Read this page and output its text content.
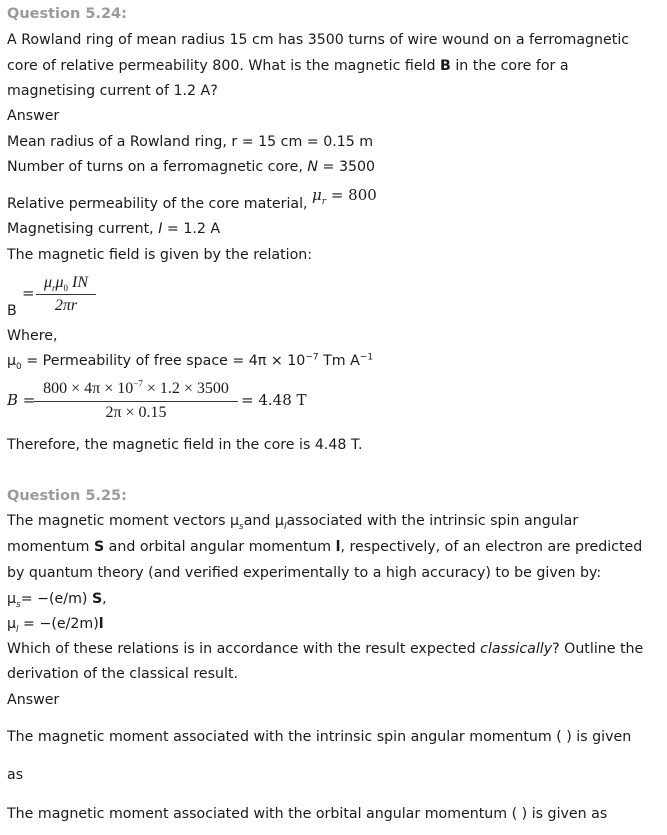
Question 5.24:
A Rowland ring of mean radius 15 cm has 3500 turns of wire wound on a ferromagnetic
core of relative permeability 800. What is the magnetic field B in the core for a
magnetising current of 1.2 A?
Answer
Mean radius of a Rowland ring, r = 15 cm = 0.15 m
Number of turns on a ferromagnetic core, N = 3500
Relative permeability of the core material, $\mu_r = 800$
Magnetising current, I = 1.2 A
The magnetic field is given by the relation:
=
$\mu_r\mu_0$ IN
2πr
B
Where,
$\mu_0$ = Permeability of free space = $4\pi \times 10^{-7}$ Tm $A^{-1}$
B =
$800 \times 4\pi \times 10^{-7} \times 1.2 \times 3500$
2π × 0.15
= 4.48 T
Therefore, the magnetic field in the core is 4.48 T.
Question 5.25:
The magnetic moment vectors $\mu_sand$ $\mu_lassociated$ with the intrinsic spin angular
momentum S and orbital angular momentum l, respectively, of an electron are predicted
by quantum theory (and verified experimentally to a high accuracy) to be given by:
$\mu_s= -(e/m)$ S,
$\mu_l = -(e/2m)l$
Which of these relations is in accordance with the result expected classically? Outline the
derivation of the classical result.
Answer
The magnetic moment associated with the intrinsic spin angular momentum ( ) is given
as
The magnetic moment associated with the orbital angular momentum ( ) is given as
